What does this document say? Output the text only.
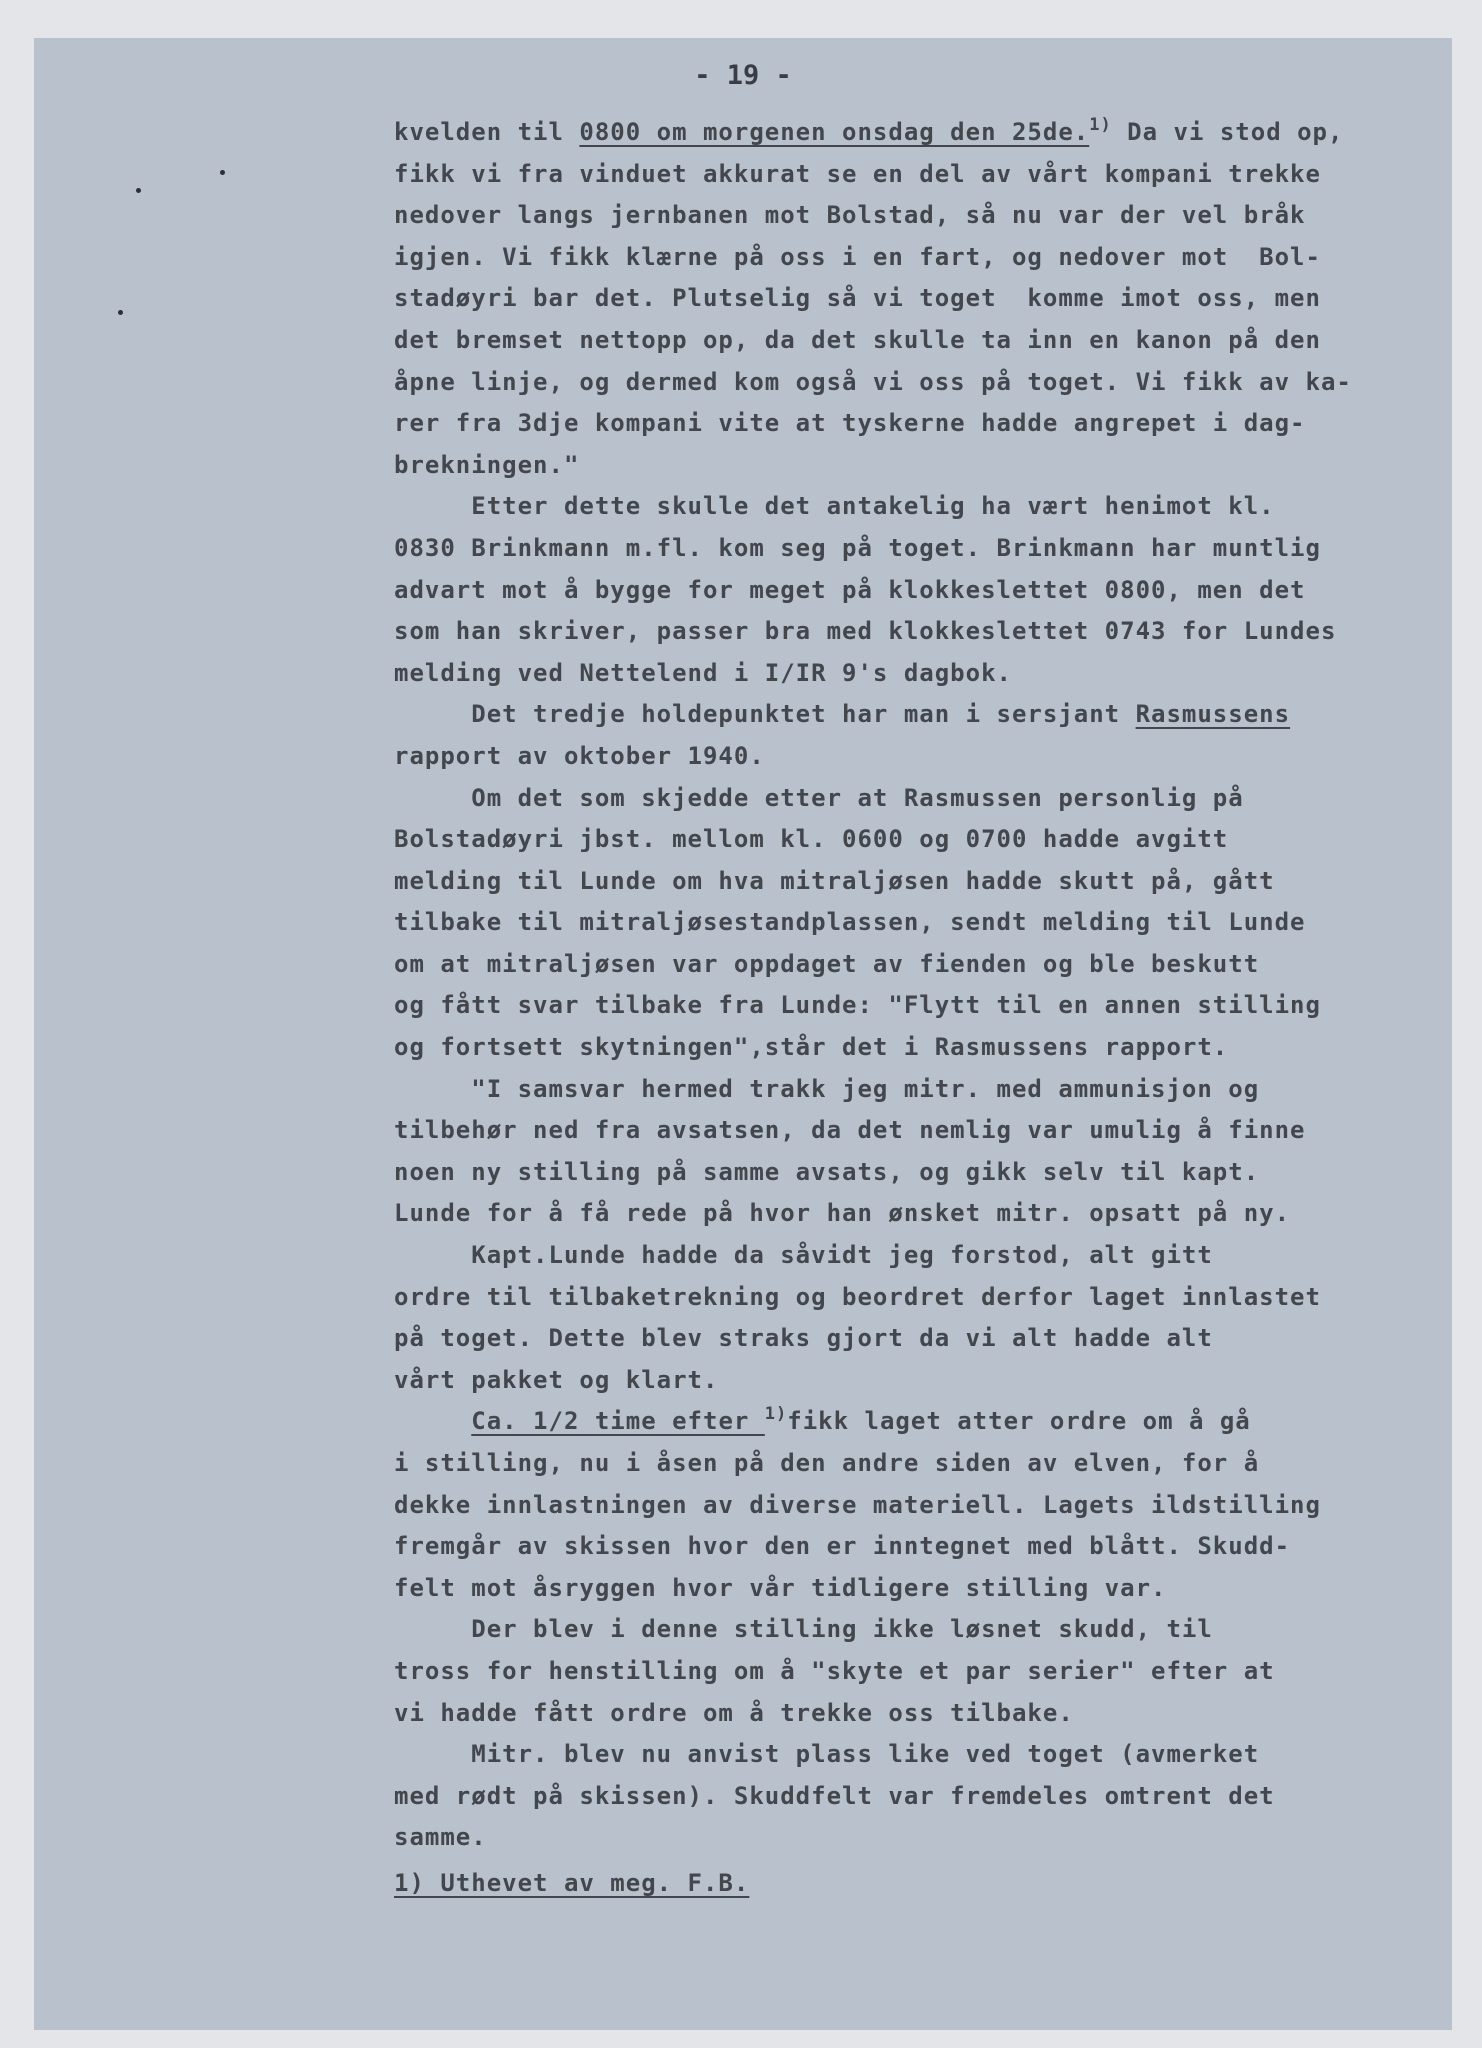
- 19 -
kvelden til 0800 om morgenen onsdag den 25de.$^{1)}$ Da vi stod op,
fikk vi fra vinduet akkurat se en del av vårt kompani trekke
nedover langs jernbanen mot Bolstad, så nu var der vel bråk
igjen. Vi fikk klærne på oss i en fart, og nedover mot  Bol-
stadøyri bar det. Plutselig så vi toget  komme imot oss, men
det bremset nettopp op, da det skulle ta inn en kanon på den
åpne linje, og dermed kom også vi oss på toget. Vi fikk av ka-
rer fra 3dje kompani vite at tyskerne hadde angrepet i dag-
brekningen."
Etter dette skulle det antakelig ha vært henimot kl.
0830 Brinkmann m.fl. kom seg på toget. Brinkmann har muntlig
advart mot å bygge for meget på klokkeslettet 0800, men det
som han skriver, passer bra med klokkeslettet 0743 for Lundes
melding ved Nettelend i I/IR 9's dagbok.
Det tredje holdepunktet har man i sersjant Rasmussens
rapport av oktober 1940.
Om det som skjedde etter at Rasmussen personlig på
Bolstadøyri jbst. mellom kl. 0600 og 0700 hadde avgitt
melding til Lunde om hva mitraljøsen hadde skutt på, gått
tilbake til mitraljøsestandplassen, sendt melding til Lunde
om at mitraljøsen var oppdaget av fienden og ble beskutt
og fått svar tilbake fra Lunde: "Flytt til en annen stilling
og fortsett skytningen",står det i Rasmussens rapport.
"I samsvar hermed trakk jeg mitr. med ammunisjon og
tilbehør ned fra avsatsen, da det nemlig var umulig å finne
noen ny stilling på samme avsats, og gikk selv til kapt.
Lunde for å få rede på hvor han ønsket mitr. opsatt på ny.
Kapt.Lunde hadde da såvidt jeg forstod, alt gitt
ordre til tilbaketrekning og beordret derfor laget innlastet
på toget. Dette blev straks gjort da vi alt hadde alt
vårt pakket og klart.
Ca. 1/2 time efter $^{1)}$fikk laget atter ordre om å gå
i stilling, nu i åsen på den andre siden av elven, for å
dekke innlastningen av diverse materiell. Lagets ildstilling
fremgår av skissen hvor den er inntegnet med blått. Skudd-
felt mot åsryggen hvor vår tidligere stilling var.
Der blev i denne stilling ikke løsnet skudd, til
tross for henstilling om å "skyte et par serier" efter at
vi hadde fått ordre om å trekke oss tilbake.
Mitr. blev nu anvist plass like ved toget (avmerket
med rødt på skissen). Skuddfelt var fremdeles omtrent det
samme.
1) Uthevet av meg. F.B.
